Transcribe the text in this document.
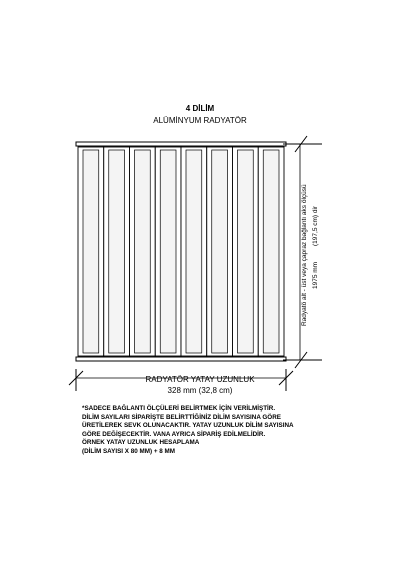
4 DİLİM
ALÜMİNYUM RADYATÖR
Radyatö alt - üst veya çapraz bağlantı aks ölçüsü (197,5 cm) dir
1975 mm
RADYATÖR YATAY UZUNLUK
328 mm (32,8 cm)
*SADECE BAĞLANTI ÖLÇÜLERİ BELİRTMEK İÇİN VERİLMİŞTİR.
DİLİM SAYILARI SİPARİŞTE BELİRTTİĞİNİZ DİLİM SAYISINA GÖRE
ÜRETİLEREK SEVK OLUNACAKTIR. YATAY UZUNLUK DİLİM SAYISINA
GÖRE DEĞİŞECEKTİR. VANA AYRICA SİPARİŞ EDİLMELİDİR.
ÖRNEK YATAY UZUNLUK HESAPLAMA
(DİLİM SAYISI X 80 MM) + 8 MM
